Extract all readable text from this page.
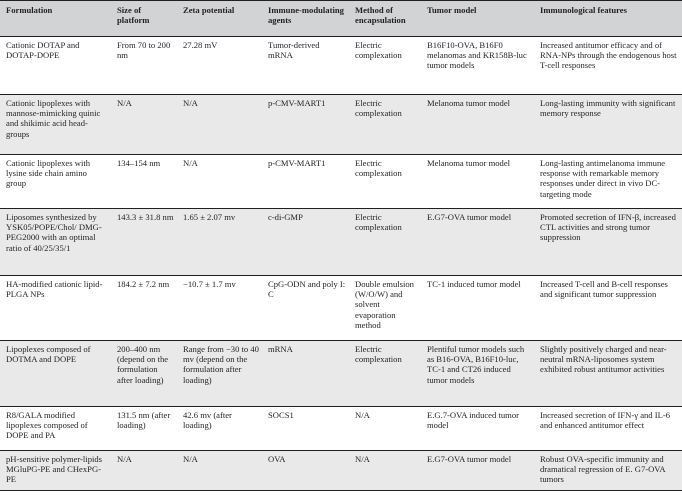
Formulation	Size of platform	Zeta potential	Immune-modulating agents	Method of encapsulation	Tumor model	Immunological features
Cationic DOTAP and DOTAP-DOPE	From 70 to 200 nm	27.28 mV	Tumor-derived mRNA	Electric complexation	B16F10-OVA, B16F0 melanomas and KR158B-luc tumor models	Increased antitumor efficacy and of RNA-NPs through the endogenous host T-cell responses
Cationic lipoplexes with mannose-mimicking quinic and shikimic acid head-groups	N/A	N/A	p-CMV-MART1	Electric complexation	Melanoma tumor model	Long-lasting immunity with significant memory response
Cationic lipoplexes with lysine side chain amino group	134–154 nm	N/A	p-CMV-MART1	Electric complexation	Melanoma tumor model	Long-lasting antimelanoma immune response with remarkable memory responses under direct in vivo DC-targeting mode
Liposomes synthesized by YSK05/POPE/Chol/ DMG-PEG2000 with an optimal ratio of 40/25/35/1	143.3 ± 31.8 nm	1.65 ± 2.07 mv	c-di-GMP	Electric complexation	E.G7-OVA tumor model	Promoted secretion of IFN-β, increased CTL activities and strong tumor suppression
HA-modified cationic lipid-PLGA NPs	184.2 ± 7.2 nm	−10.7 ± 1.7 mv	CpG-ODN and poly I: C	Double emulsion (W/O/W) and solvent evaporation method	TC-1 induced tumor model	Increased T-cell and B-cell responses and significant tumor suppression
Lipoplexes composed of DOTMA and DOPE	200–400 nm (depend on the formulation after loading)	Range from −30 to 40 mv (depend on the formulation after loading)	mRNA	Electric complexation	Plentiful tumor models such as B16-OVA, B16F10-luc, TC-1 and CT26 induced tumor models	Slightly positively charged and near-neutral mRNA-liposomes system exhibited robust antitumor activities
R8/GALA modified lipoplexes composed of DOPE and PA	131.5 nm (after loading)	42.6 mv (after loading)	SOCS1	N/A	E.G.7-OVA induced tumor model	Increased secretion of IFN-γ and IL-6 and enhanced antitumor effect
pH-sensitive polymer-lipids MGluPG-PE and CHexPG-PE	N/A	N/A	OVA	N/A	E.G7-OVA tumor model	Robust OVA-specific immunity and dramatical regression of E. G7-OVA tumors
